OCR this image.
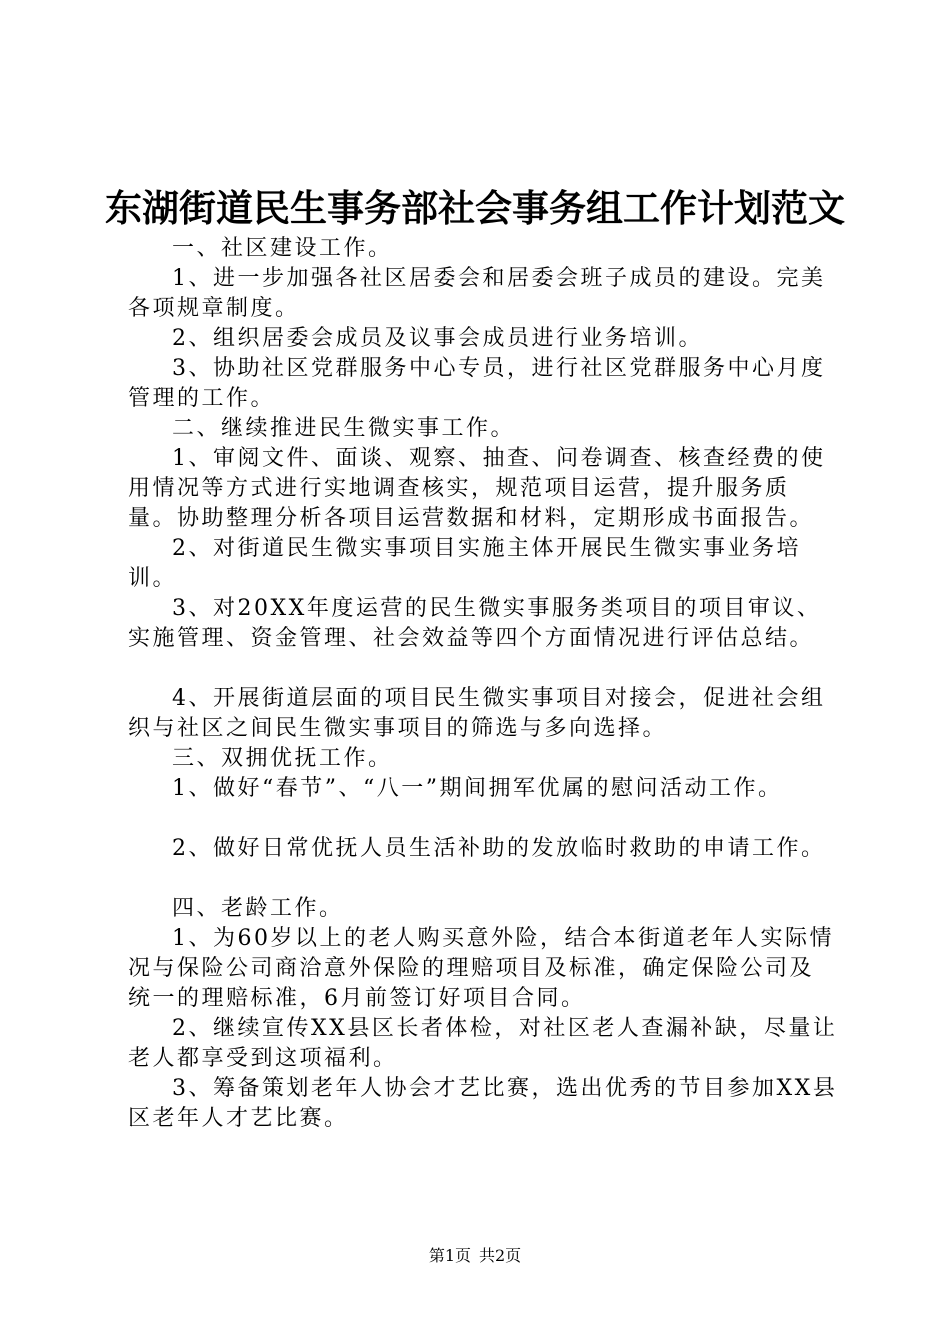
东湖街道民生事务部社会事务组工作计划范文

一、社区建设工作。

1、进一步加强各社区居委会和居委会班子成员的建设。完美各项规章制度。

2、组织居委会成员及议事会成员进行业务培训。

3、协助社区党群服务中心专员，进行社区党群服务中心月度管理的工作。

二、继续推进民生微实事工作。

1、审阅文件、面谈、观察、抽查、问卷调查、核查经费的使用情况等方式进行实地调查核实，规范项目运营，提升服务质量。协助整理分析各项目运营数据和材料，定期形成书面报告。

2、对街道民生微实事项目实施主体开展民生微实事业务培训。

3、对20XX年度运营的民生微实事服务类项目的项目审议、实施管理、资金管理、社会效益等四个方面情况进行评估总结。

4、开展街道层面的项目民生微实事项目对接会，促进社会组织与社区之间民生微实事项目的筛选与多向选择。

三、双拥优抚工作。

1、做好“春节”、“八一”期间拥军优属的慰问活动工作。

2、做好日常优抚人员生活补助的发放临时救助的申请工作。

四、老龄工作。

1、为60岁以上的老人购买意外险，结合本街道老年人实际情况与保险公司商洽意外保险的理赔项目及标准，确定保险公司及统一的理赔标准，6月前签订好项目合同。

2、继续宣传XX县区长者体检，对社区老人查漏补缺，尽量让老人都享受到这项福利。

3、筹备策划老年人协会才艺比赛，选出优秀的节目参加XX县区老年人才艺比赛。

第1页 共2页
